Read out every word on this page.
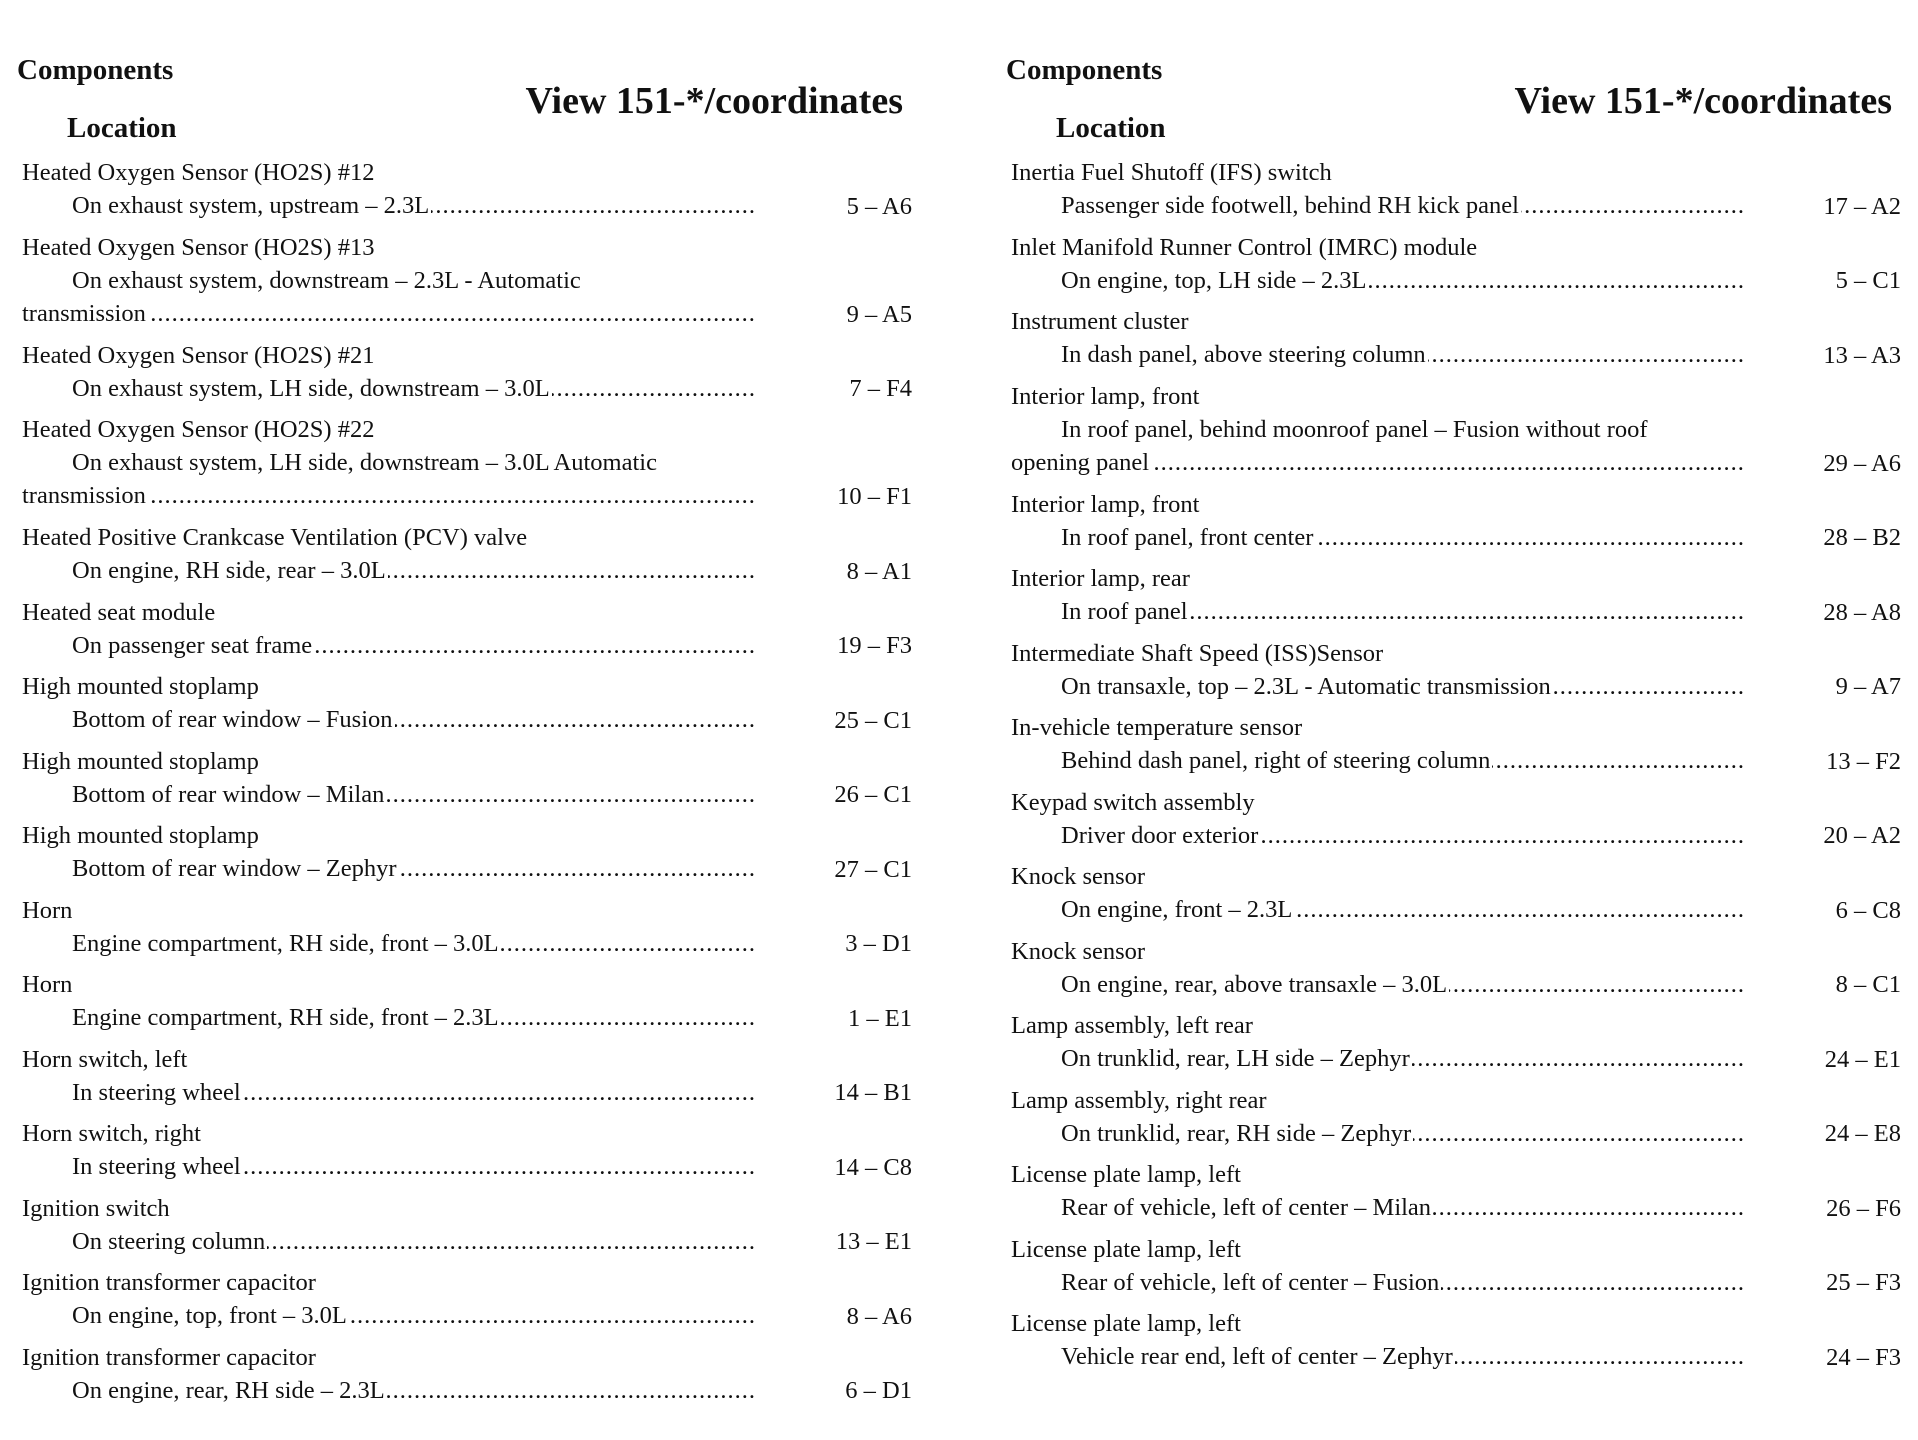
Components
Location
View 151-*/coordinates
Heated Oxygen Sensor (HO2S) #12
On exhaust system, upstream – 2.3L .....	5 – A6
Heated Oxygen Sensor (HO2S) #13
On exhaust system, downstream – 2.3L - Automatic
transmission .....	9 – A5
Heated Oxygen Sensor (HO2S) #21
On exhaust system, LH side, downstream – 3.0L .....	7 – F4
Heated Oxygen Sensor (HO2S) #22
On exhaust system, LH side, downstream – 3.0L Automatic
transmission .....	10 – F1
Heated Positive Crankcase Ventilation (PCV) valve
On engine, RH side, rear – 3.0L .....	8 – A1
Heated seat module
On passenger seat frame .....	19 – F3
High mounted stoplamp
Bottom of rear window – Fusion .....	25 – C1
High mounted stoplamp
Bottom of rear window – Milan .....	26 – C1
High mounted stoplamp
Bottom of rear window – Zephyr .....	27 – C1
Horn
Engine compartment, RH side, front – 3.0L .....	3 – D1
Horn
Engine compartment, RH side, front – 2.3L .....	1 – E1
Horn switch, left
In steering wheel .....	14 – B1
Horn switch, right
In steering wheel .....	14 – C8
Ignition switch
On steering column .....	13 – E1
Ignition transformer capacitor
On engine, top, front – 3.0L .....	8 – A6
Ignition transformer capacitor
On engine, rear, RH side – 2.3L .....	6 – D1
Components
Location
View 151-*/coordinates
Inertia Fuel Shutoff (IFS) switch
Passenger side footwell, behind RH kick panel .....	17 – A2
Inlet Manifold Runner Control (IMRC) module
On engine, top, LH side – 2.3L .....	5 – C1
Instrument cluster
In dash panel, above steering column .....	13 – A3
Interior lamp, front
In roof panel, behind moonroof panel – Fusion without roof
opening panel .....	29 – A6
Interior lamp, front
In roof panel, front center .....	28 – B2
Interior lamp, rear
In roof panel .....	28 – A8
Intermediate Shaft Speed (ISS)Sensor
On transaxle, top – 2.3L - Automatic transmission .....	9 – A7
In-vehicle temperature sensor
Behind dash panel, right of steering column .....	13 – F2
Keypad switch assembly
Driver door exterior .....	20 – A2
Knock sensor
On engine, front – 2.3L .....	6 – C8
Knock sensor
On engine, rear, above transaxle – 3.0L .....	8 – C1
Lamp assembly, left rear
On trunklid, rear, LH side – Zephyr .....	24 – E1
Lamp assembly, right rear
On trunklid, rear, RH side – Zephyr .....	24 – E8
License plate lamp, left
Rear of vehicle, left of center – Milan .....	26 – F6
License plate lamp, left
Rear of vehicle, left of center – Fusion .....	25 – F3
License plate lamp, left
Vehicle rear end, left of center – Zephyr .....	24 – F3
